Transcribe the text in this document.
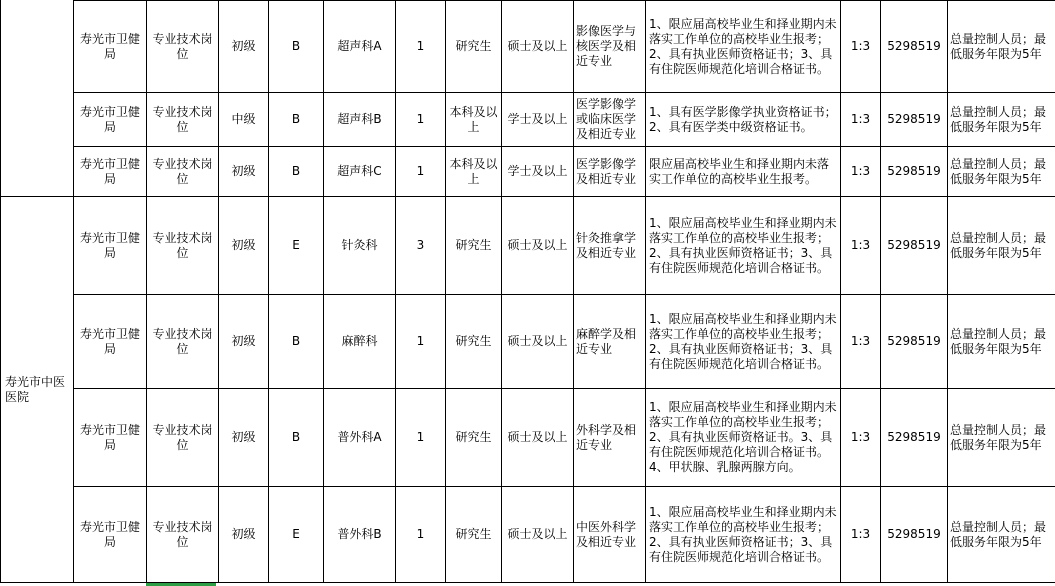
	寿光市卫健局	专业技术岗位	初级	B	超声科A	1	研究生	硕士及以上	影像医学与核医学及相近专业	1、限应届高校毕业生和择业期内未落实工作单位的高校毕业生报考；2、具有执业医师资格证书；3、具有住院医师规范化培训合格证书。	1:3	5298519	总量控制人员；最低服务年限为5年
	寿光市卫健局	专业技术岗位	中级	B	超声科B	1	本科及以上	学士及以上	医学影像学或临床医学及相近专业	1、具有医学影像学执业资格证书；2、具有医学类中级资格证书。	1:3	5298519	总量控制人员；最低服务年限为5年
	寿光市卫健局	专业技术岗位	初级	B	超声科C	1	本科及以上	学士及以上	医学影像学及相近专业	限应届高校毕业生和择业期内未落实工作单位的高校毕业生报考。	1:3	5298519	总量控制人员；最低服务年限为5年
寿光市中医医院	寿光市卫健局	专业技术岗位	初级	E	针灸科	3	研究生	硕士及以上	针灸推拿学及相近专业	1、限应届高校毕业生和择业期内未落实工作单位的高校毕业生报考；2、具有执业医师资格证书；3、具有住院医师规范化培训合格证书。	1:3	5298519	总量控制人员；最低服务年限为5年
	寿光市卫健局	专业技术岗位	初级	B	麻醉科	1	研究生	硕士及以上	麻醉学及相近专业	1、限应届高校毕业生和择业期内未落实工作单位的高校毕业生报考；2、具有执业医师资格证书；3、具有住院医师规范化培训合格证书。	1:3	5298519	总量控制人员；最低服务年限为5年
	寿光市卫健局	专业技术岗位	初级	B	普外科A	1	研究生	硕士及以上	外科学及相近专业	1、限应届高校毕业生和择业期内未落实工作单位的高校毕业生报考；2、具有执业医师资格证书。3、具有住院医师规范化培训合格证书。4、甲状腺、乳腺两腺方向。	1:3	5298519	总量控制人员；最低服务年限为5年
	寿光市卫健局	专业技术岗位	初级	E	普外科B	1	研究生	硕士及以上	中医外科学及相近专业	1、限应届高校毕业生和择业期内未落实工作单位的高校毕业生报考；2、具有执业医师资格证书；3、具有住院医师规范化培训合格证书。	1:3	5298519	总量控制人员；最低服务年限为5年
